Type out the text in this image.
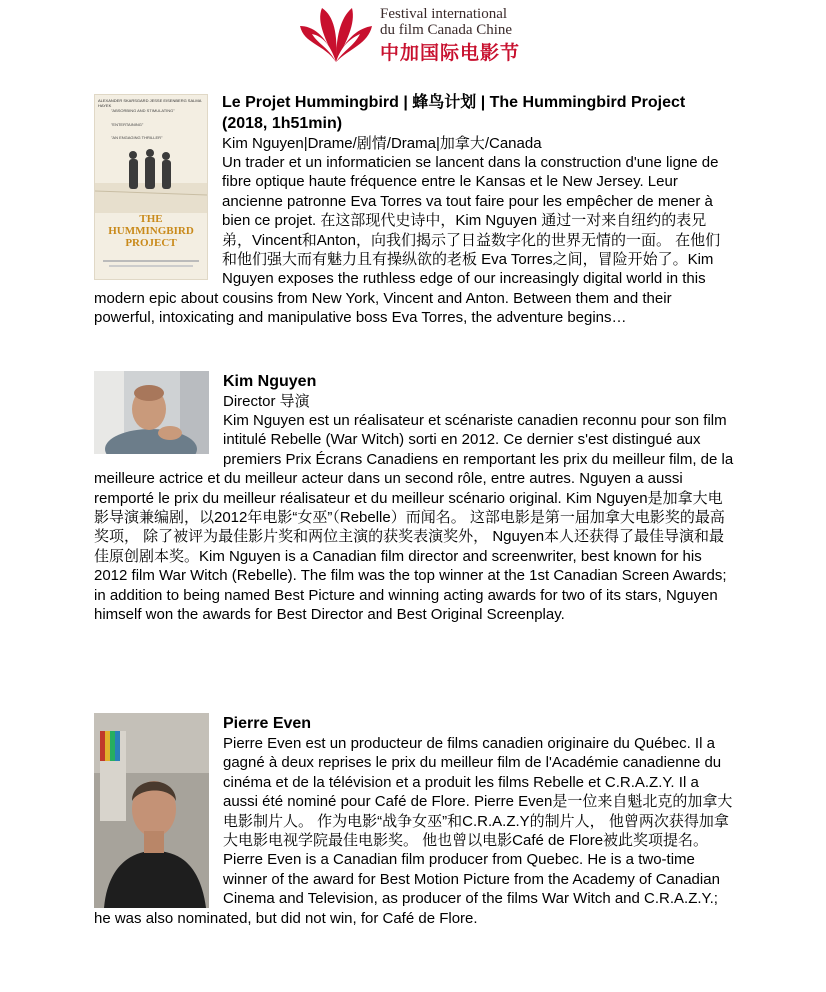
Festival international
du film Canada Chine
中加国际电影节
ALEXANDER SKARSGARD JESSE EISENBERG SALMA HAYEK
"ABSORBING AND STIMULATING"
"ENTERTAINING"
"AN ENGAGING THRILLER"
THE HUMMINGBIRD PROJECT
Le Projet Hummingbird | 蜂鸟计划 | The Hummingbird Project (2018, 1h51min)
Kim Nguyen|Drame/剧情/Drama|加拿大/Canada

Un trader et un informaticien se lancent dans la construction d'une ligne de fibre optique haute fréquence entre le Kansas et le New Jersey. Leur ancienne patronne Eva Torres va tout faire pour les empêcher de mener à bien ce projet. 在这部现代史诗中，Kim Nguyen 通过一对来自纽约的表兄弟，Vincent和Anton，向我们揭示了日益数字化的世界无情的一面。 在他们和他们强大而有魅力且有操纵欲的老板 Eva Torres之间，冒险开始了。Kim Nguyen exposes the ruthless edge of our increasingly digital world in this modern epic about cousins from New York, Vincent and Anton. Between them and their powerful, intoxicating and manipulative boss Eva Torres, the adventure begins…

Kim Nguyen
Director 导演

Kim Nguyen est un réalisateur et scénariste canadien reconnu pour son film intitulé Rebelle (War Witch) sorti en 2012. Ce dernier s'est distingué aux premiers Prix Écrans Canadiens en remportant les prix du meilleur film, de la meilleure actrice et du meilleur acteur dans un second rôle, entre autres. Nguyen a aussi remporté le prix du meilleur réalisateur et du meilleur scénario original. Kim Nguyen是加拿大电影导演兼编剧，以2012年电影“女巫”（Rebelle）而闻名。 这部电影是第一届加拿大电影奖的最高奖项， 除了被评为最佳影片奖和两位主演的获奖表演奖外， Nguyen本人还获得了最佳导演和最佳原创剧本奖。Kim Nguyen is a Canadian film director and screenwriter, best known for his 2012 film War Witch (Rebelle). The film was the top winner at the 1st Canadian Screen Awards; in addition to being named Best Picture and winning acting awards for two of its stars, Nguyen himself won the awards for Best Director and Best Original Screenplay.

Pierre Even

Pierre Even est un producteur de films canadien originaire du Québec. Il a gagné à deux reprises le prix du meilleur film de l'Académie canadienne du cinéma et de la télévision et a produit les films Rebelle et C.R.A.Z.Y. Il a aussi été nominé pour Café de Flore. Pierre Even是一位来自魁北克的加拿大电影制片人。 作为电影“战争女巫”和C.R.A.Z.Y的制片人， 他曾两次获得加拿大电影电视学院最佳电影奖。 他也曾以电影Café de Flore被此奖项提名。Pierre Even is a Canadian film producer from Quebec. He is a two-time winner of the award for Best Motion Picture from the Academy of Canadian Cinema and Television, as producer of the films War Witch and C.R.A.Z.Y.; he was also nominated, but did not win, for Café de Flore.
